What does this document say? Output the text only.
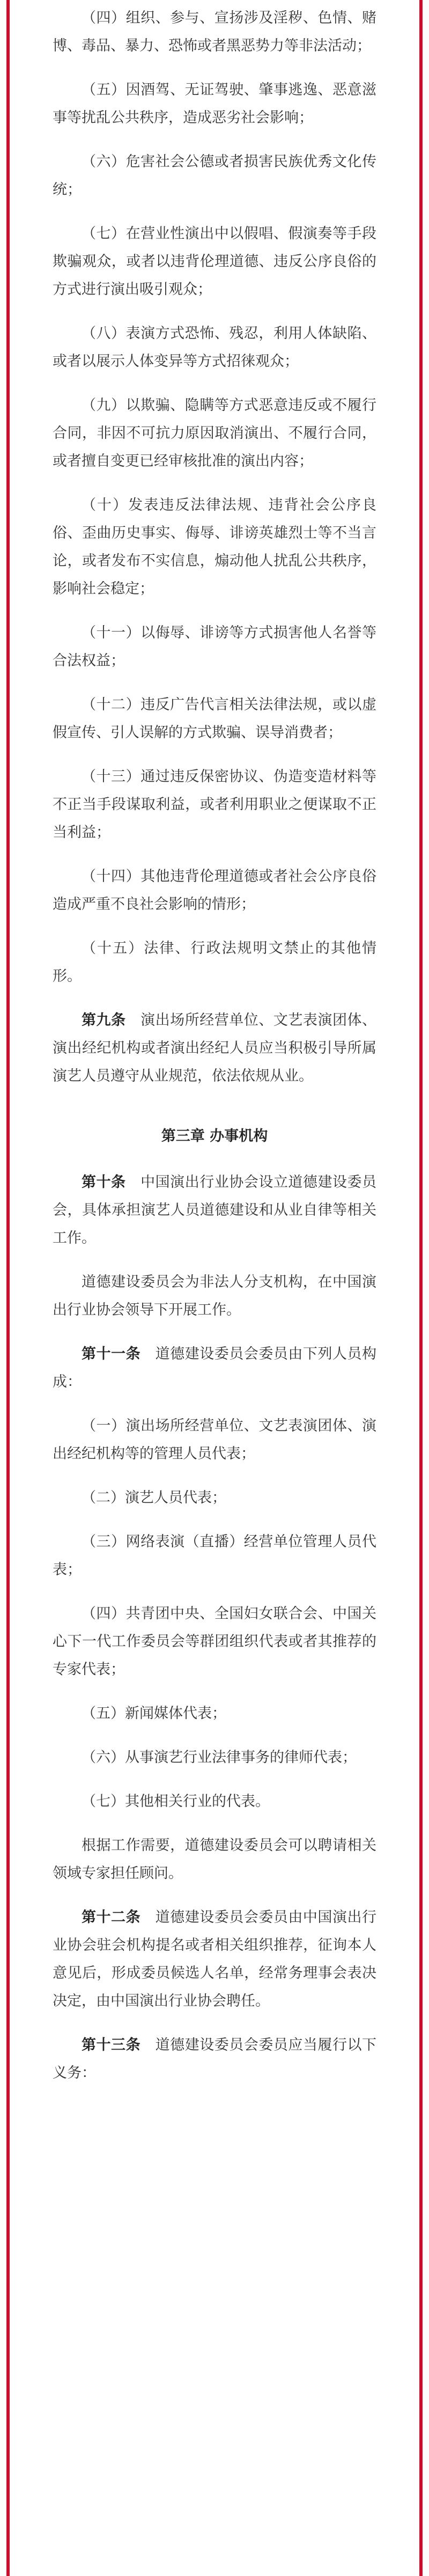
（四）组织、参与、宣扬涉及淫秽、色情、赌博、毒品、暴力、恐怖或者黑恶势力等非法活动；

（五）因酒驾、无证驾驶、肇事逃逸、恶意滋事等扰乱公共秩序，造成恶劣社会影响；

（六）危害社会公德或者损害民族优秀文化传统；

（七）在营业性演出中以假唱、假演奏等手段欺骗观众，或者以违背伦理道德、违反公序良俗的方式进行演出吸引观众；

（八）表演方式恐怖、残忍，利用人体缺陷、或者以展示人体变异等方式招徕观众；

（九）以欺骗、隐瞒等方式恶意违反或不履行合同，非因不可抗力原因取消演出、不履行合同，或者擅自变更已经审核批准的演出内容；

（十）发表违反法律法规、违背社会公序良俗、歪曲历史事实、侮辱、诽谤英雄烈士等不当言论，或者发布不实信息，煽动他人扰乱公共秩序，影响社会稳定；

（十一）以侮辱、诽谤等方式损害他人名誉等合法权益；

（十二）违反广告代言相关法律法规，或以虚假宣传、引人误解的方式欺骗、误导消费者；

（十三）通过违反保密协议、伪造变造材料等不正当手段谋取利益，或者利用职业之便谋取不正当利益；

（十四）其他违背伦理道德或者社会公序良俗造成严重不良社会影响的情形；

（十五）法律、行政法规明文禁止的其他情形。

第九条　 演出场所经营单位、文艺表演团体、演出经纪机构或者演出经纪人员应当积极引导所属演艺人员遵守从业规范，依法依规从业。

第三章 办事机构

第十条　 中国演出行业协会设立道德建设委员会，具体承担演艺人员道德建设和从业自律等相关工作。

道德建设委员会为非法人分支机构，在中国演出行业协会领导下开展工作。

第十一条　 道德建设委员会委员由下列人员构成：

（一）演出场所经营单位、文艺表演团体、演出经纪机构等的管理人员代表；

（二）演艺人员代表；

（三）网络表演（直播）经营单位管理人员代表；

（四）共青团中央、全国妇女联合会、中国关心下一代工作委员会等群团组织代表或者其推荐的专家代表；

（五）新闻媒体代表；

（六）从事演艺行业法律事务的律师代表；

（七）其他相关行业的代表。

根据工作需要，道德建设委员会可以聘请相关领域专家担任顾问。

第十二条　 道德建设委员会委员由中国演出行业协会驻会机构提名或者相关组织推荐，征询本人意见后，形成委员候选人名单，经常务理事会表决决定，由中国演出行业协会聘任。

第十三条　 道德建设委员会委员应当履行以下义务：
